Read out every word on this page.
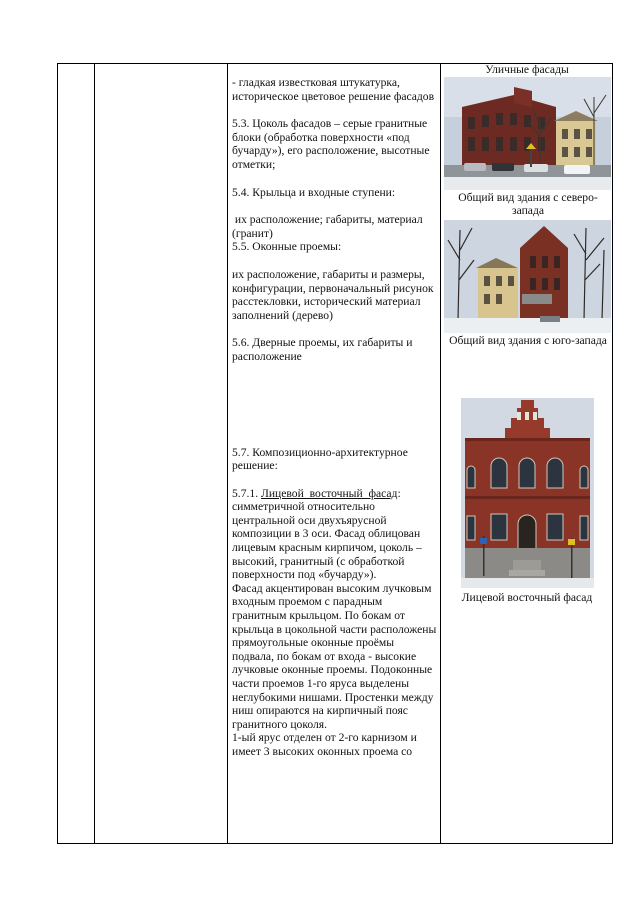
- гладкая известковая штукатурка, историческое цветовое решение фасадов

5.3. Цоколь фасадов – серые гранитные блоки (обработка поверхности «под бучарду»), его расположение, высотные отметки;

5.4. Крыльца и входные ступени:

их расположение; габариты, материал (гранит)

5.5. Оконные проемы:

их расположение, габариты и размеры, конфигурации, первоначальный рисунок расстекловки, исторический материал заполнений (дерево)

5.6. Дверные проемы, их габариты и расположение

5.7. Композиционно-архитектурное решение:

5.7.1. Лицевой  восточный  фасад: симметричной относительно центральной оси двухъярусной композиции в 3 оси. Фасад облицован лицевым красным кирпичом, цоколь – высокий, гранитный (с обработкой поверхности под «бучарду»).

Фасад акцентирован высоким лучковым входным проемом с парадным гранитным крыльцом. По бокам от крыльца в цокольной части расположены прямоугольные оконные проёмы подвала, по бокам от входа - высокие лучковые оконные проемы. Подоконные части проемов 1-го яруса выделены неглубокими нишами. Простенки между ниш опираются на кирпичный пояс гранитного цоколя.

1-ый ярус отделен от 2-го карнизом и имеет 3 высоких оконных проема со

Уличные фасады
Общий вид здания с северо-запада
Общий вид здания с юго-запада
Лицевой восточный фасад
